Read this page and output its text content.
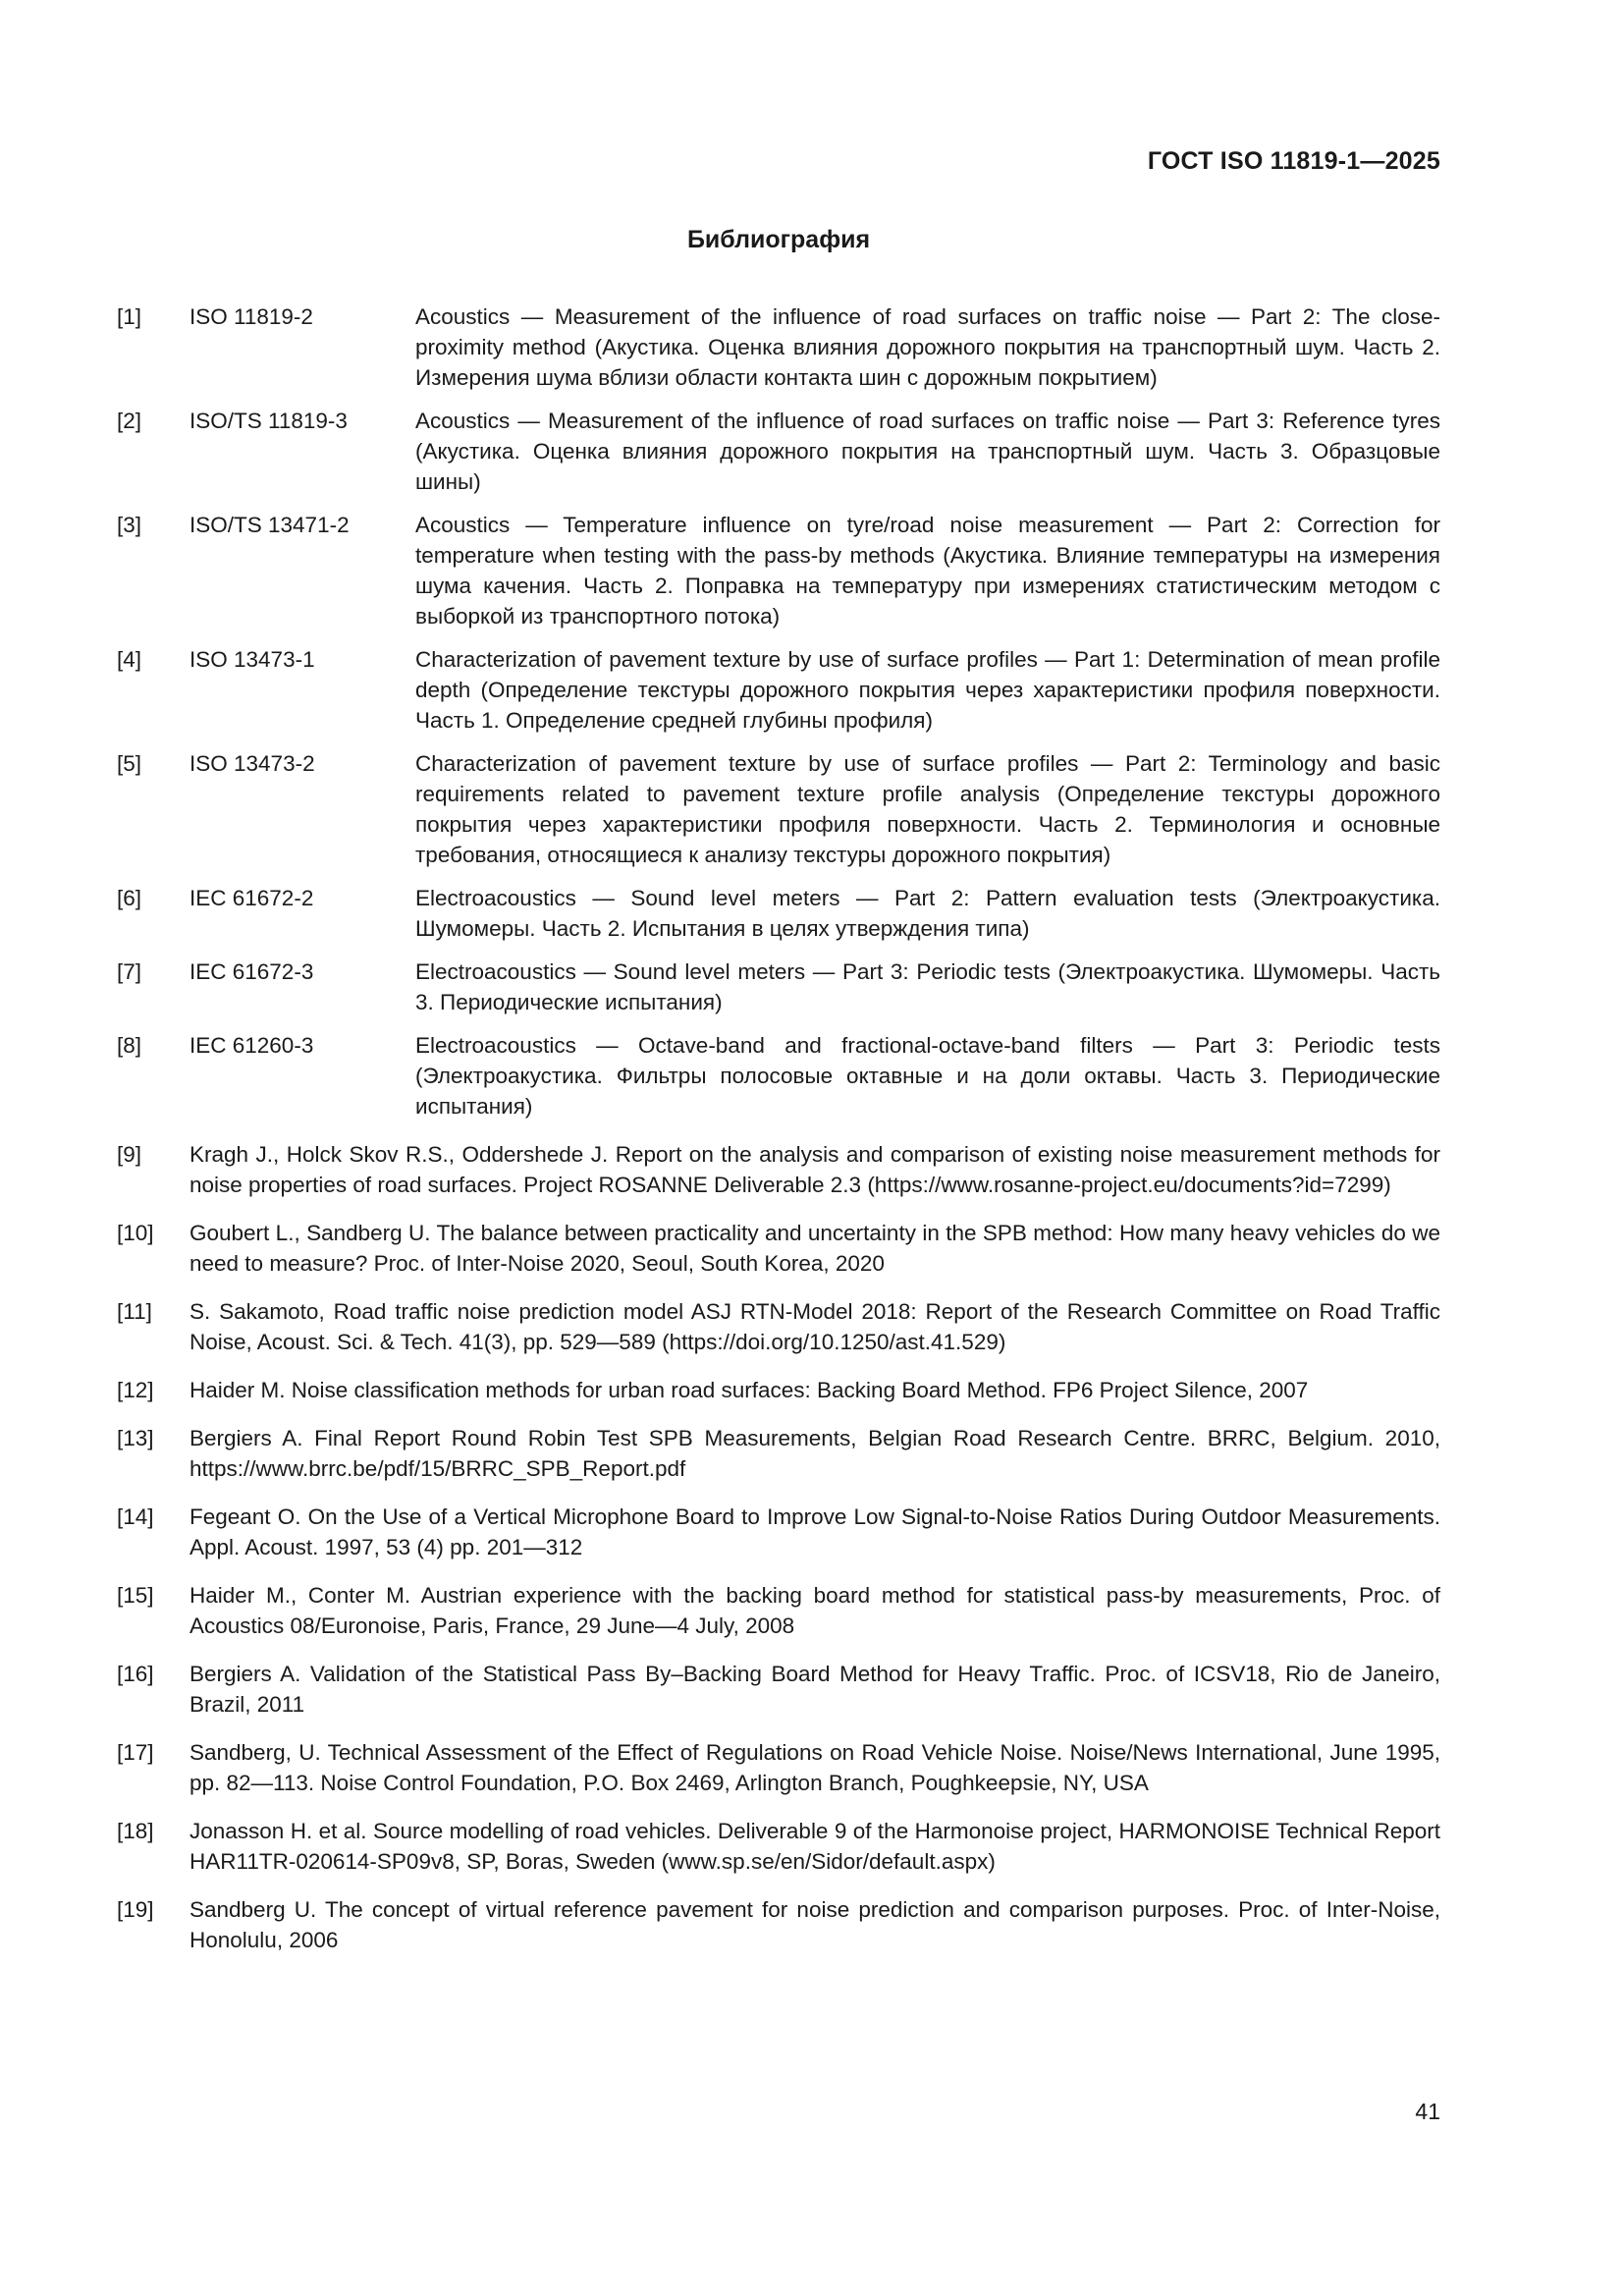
ГОСТ ISO 11819-1—2025
Библиография
[1]	ISO 11819-2	Acoustics — Measurement of the influence of road surfaces on traffic noise — Part 2: The close-proximity method (Акустика. Оценка влияния дорожного покрытия на транспортный шум. Часть 2. Измерения шума вблизи области контакта шин с дорожным покрытием)
[2]	ISO/TS 11819-3	Acoustics — Measurement of the influence of road surfaces on traffic noise — Part 3: Reference tyres (Акустика. Оценка влияния дорожного покрытия на транспортный шум. Часть 3. Образцовые шины)
[3]	ISO/TS 13471-2	Acoustics — Temperature influence on tyre/road noise measurement — Part 2: Correction for temperature when testing with the pass-by methods (Акустика. Влияние температуры на измерения шума качения. Часть 2. Поправка на температуру при измерениях статистическим методом с выборкой из транспортного потока)
[4]	ISO 13473-1	Characterization of pavement texture by use of surface profiles — Part 1: Determination of mean profile depth (Определение текстуры дорожного покрытия через характеристики профиля поверхности. Часть 1. Определение средней глубины профиля)
[5]	ISO 13473-2	Characterization of pavement texture by use of surface profiles — Part 2: Terminology and basic requirements related to pavement texture profile analysis (Определение текстуры дорожного покрытия через характеристики профиля поверхности. Часть 2. Терминология и основные требования, относящиеся к анализу текстуры дорожного покрытия)
[6]	IEC 61672-2	Electroacoustics — Sound level meters — Part 2: Pattern evaluation tests (Электроакустика. Шумомеры. Часть 2. Испытания в целях утверждения типа)
[7]	IEC 61672-3	Electroacoustics — Sound level meters — Part 3: Periodic tests (Электроакустика. Шумомеры. Часть 3. Периодические испытания)
[8]	IEC 61260-3	Electroacoustics — Octave-band and fractional-octave-band filters — Part 3: Periodic tests (Электроакустика. Фильтры полосовые октавные и на доли октавы. Часть 3. Периодические испытания)
[9]	Kragh J., Holck Skov R.S., Oddershede J. Report on the analysis and comparison of existing noise measurement methods for noise properties of road surfaces. Project ROSANNE Deliverable 2.3 (https://www.rosanne-project.eu/documents?id=7299)
[10]	Goubert L., Sandberg U. The balance between practicality and uncertainty in the SPB method: How many heavy vehicles do we need to measure? Proc. of Inter-Noise 2020, Seoul, South Korea, 2020
[11]	S. Sakamoto, Road traffic noise prediction model ASJ RTN-Model 2018: Report of the Research Committee on Road Traffic Noise, Acoust. Sci. & Tech. 41(3), pp. 529—589 (https://doi.org/10.1250/ast.41.529)
[12]	Haider M. Noise classification methods for urban road surfaces: Backing Board Method. FP6 Project Silence, 2007
[13]	Bergiers A. Final Report Round Robin Test SPB Measurements, Belgian Road Research Centre. BRRC, Belgium. 2010, https://www.brrc.be/pdf/15/BRRC_SPB_Report.pdf
[14]	Fegeant O. On the Use of a Vertical Microphone Board to Improve Low Signal-to-Noise Ratios During Outdoor Measurements. Appl. Acoust. 1997, 53 (4) pp. 201—312
[15]	Haider M., Conter M. Austrian experience with the backing board method for statistical pass-by measurements, Proc. of Acoustics 08/Euronoise, Paris, France, 29 June—4 July, 2008
[16]	Bergiers A. Validation of the Statistical Pass By–Backing Board Method for Heavy Traffic. Proc. of ICSV18, Rio de Janeiro, Brazil, 2011
[17]	Sandberg, U. Technical Assessment of the Effect of Regulations on Road Vehicle Noise. Noise/News International, June 1995, pp. 82—113. Noise Control Foundation, P.O. Box 2469, Arlington Branch, Poughkeepsie, NY, USA
[18]	Jonasson H. et al. Source modelling of road vehicles. Deliverable 9 of the Harmonoise project, HARMONOISE Technical Report HAR11TR-020614-SP09v8, SP, Boras, Sweden (www.sp.se/en/Sidor/default.aspx)
[19]	Sandberg U. The concept of virtual reference pavement for noise prediction and comparison purposes. Proc. of Inter-Noise, Honolulu, 2006
41
